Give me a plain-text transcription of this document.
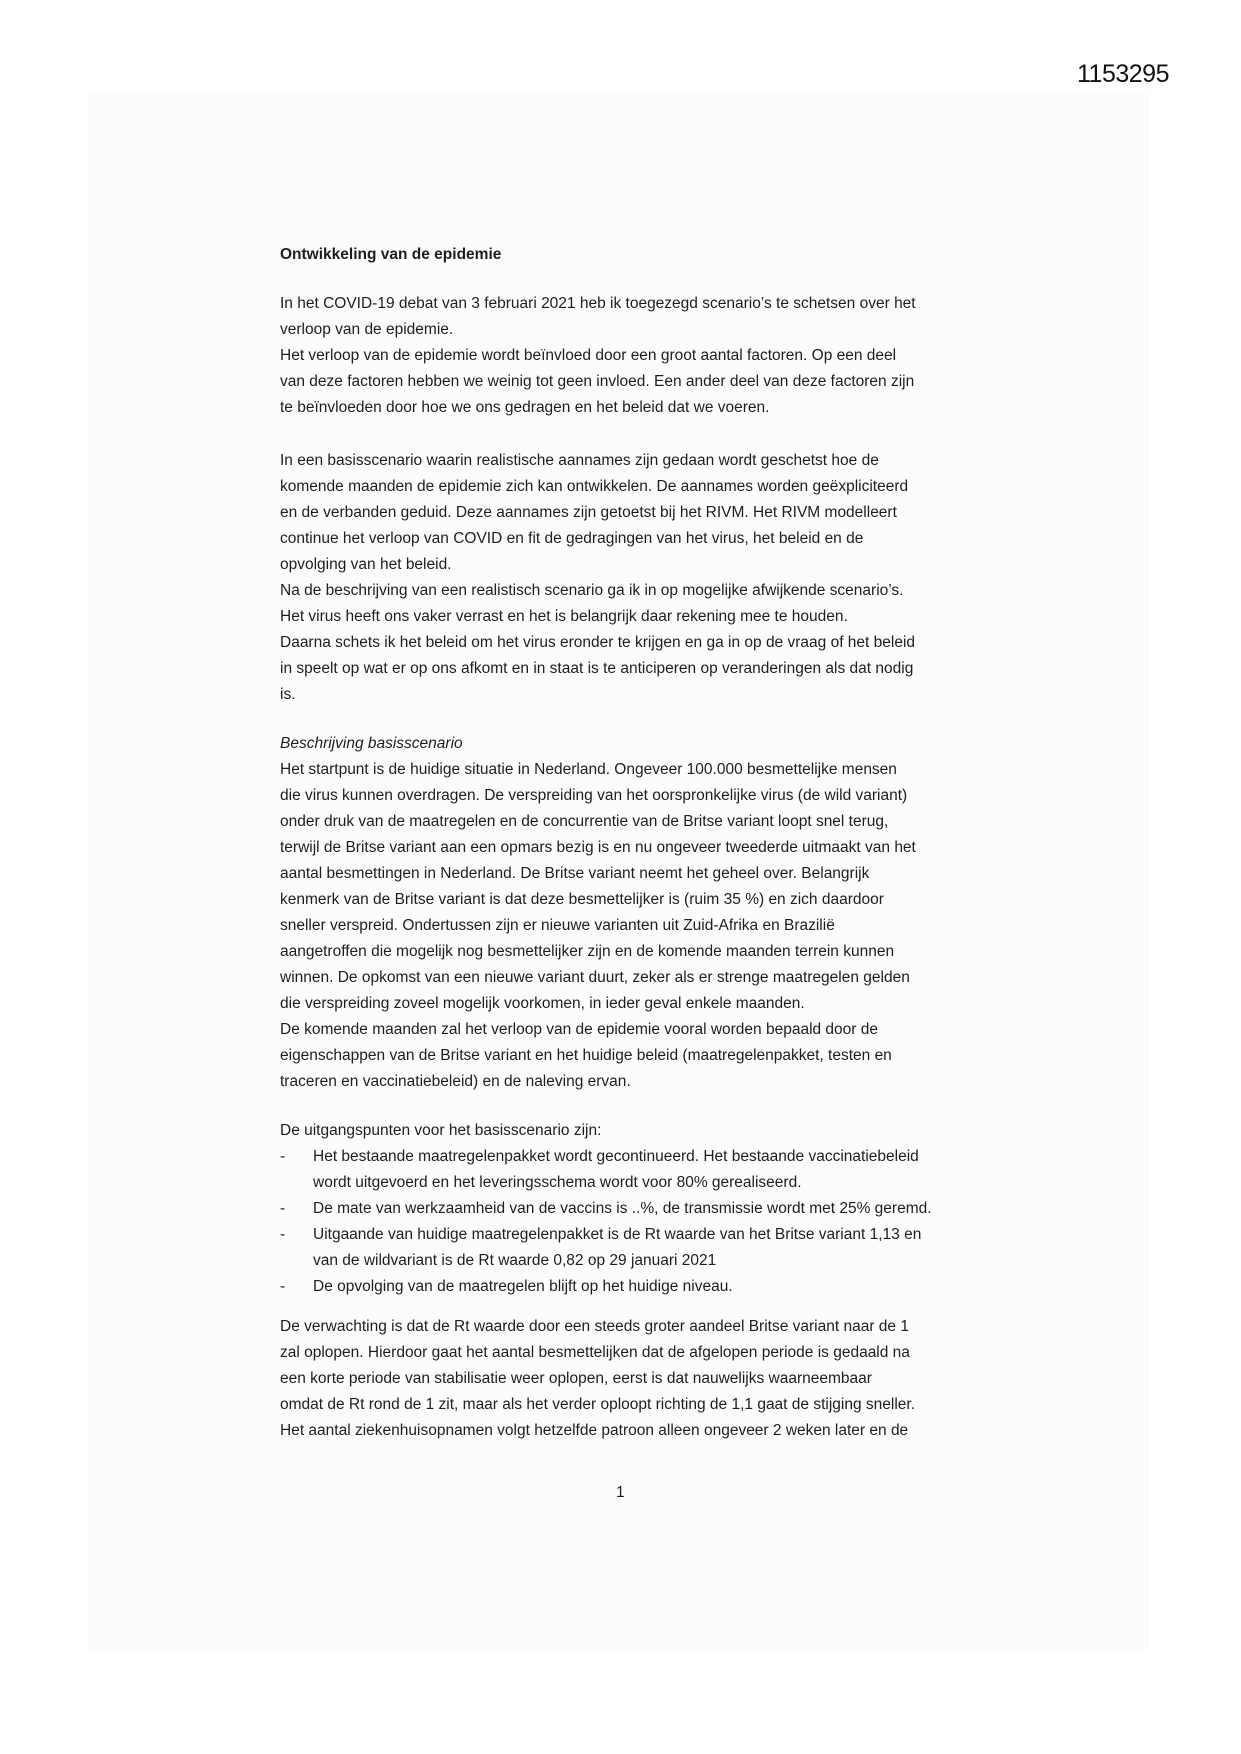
1153295
Ontwikkeling van de epidemie
In het COVID-19 debat van 3 februari 2021 heb ik toegezegd scenario’s te schetsen over het
verloop van de epidemie.
Het verloop van de epidemie wordt beïnvloed door een groot aantal factoren. Op een deel
van deze factoren hebben we weinig tot geen invloed. Een ander deel van deze factoren zijn
te beïnvloeden door hoe we ons gedragen en het beleid dat we voeren.
In een basisscenario waarin realistische aannames zijn gedaan wordt geschetst hoe de
komende maanden de epidemie zich kan ontwikkelen. De aannames worden geëxpliciteerd
en de verbanden geduid. Deze aannames zijn getoetst bij het RIVM. Het RIVM modelleert
continue het verloop van COVID en fit de gedragingen van het virus, het beleid en de
opvolging van het beleid.
Na de beschrijving van een realistisch scenario ga ik in op mogelijke afwijkende scenario’s.
Het virus heeft ons vaker verrast en het is belangrijk daar rekening mee te houden.
Daarna schets ik het beleid om het virus eronder te krijgen en ga in op de vraag of het beleid
in speelt op wat er op ons afkomt en in staat is te anticiperen op veranderingen als dat nodig
is.
Beschrijving basisscenario
Het startpunt is de huidige situatie in Nederland. Ongeveer 100.000 besmettelijke mensen
die virus kunnen overdragen. De verspreiding van het oorspronkelijke virus (de wild variant)
onder druk van de maatregelen en de concurrentie van de Britse variant loopt snel terug,
terwijl de Britse variant aan een opmars bezig is en nu ongeveer tweederde uitmaakt van het
aantal besmettingen in Nederland. De Britse variant neemt het geheel over. Belangrijk
kenmerk van de Britse variant is dat deze besmettelijker is (ruim 35 %) en zich daardoor
sneller verspreid. Ondertussen zijn er nieuwe varianten uit Zuid-Afrika en Brazilië
aangetroffen die mogelijk nog besmettelijker zijn en de komende maanden terrein kunnen
winnen. De opkomst van een nieuwe variant duurt, zeker als er strenge maatregelen gelden
die verspreiding zoveel mogelijk voorkomen, in ieder geval enkele maanden.
De komende maanden zal het verloop van de epidemie vooral worden bepaald door de
eigenschappen van de Britse variant en het huidige beleid (maatregelenpakket, testen en
traceren en vaccinatiebeleid) en de naleving ervan.
De uitgangspunten voor het basisscenario zijn:
- Het bestaande maatregelenpakket wordt gecontinueerd. Het bestaande vaccinatiebeleid
wordt uitgevoerd en het leveringsschema wordt voor 80% gerealiseerd.
- De mate van werkzaamheid van de vaccins is ..%, de transmissie wordt met 25% geremd.
- Uitgaande van huidige maatregelenpakket is de Rt waarde van het Britse variant 1,13 en
van de wildvariant is de Rt waarde 0,82 op 29 januari 2021
- De opvolging van de maatregelen blijft op het huidige niveau.
De verwachting is dat de Rt waarde door een steeds groter aandeel Britse variant naar de 1
zal oplopen. Hierdoor gaat het aantal besmettelijken dat de afgelopen periode is gedaald na
een korte periode van stabilisatie weer oplopen, eerst is dat nauwelijks waarneembaar
omdat de Rt rond de 1 zit, maar als het verder oploopt richting de 1,1 gaat de stijging sneller.
Het aantal ziekenhuisopnamen volgt hetzelfde patroon alleen ongeveer 2 weken later en de
1
